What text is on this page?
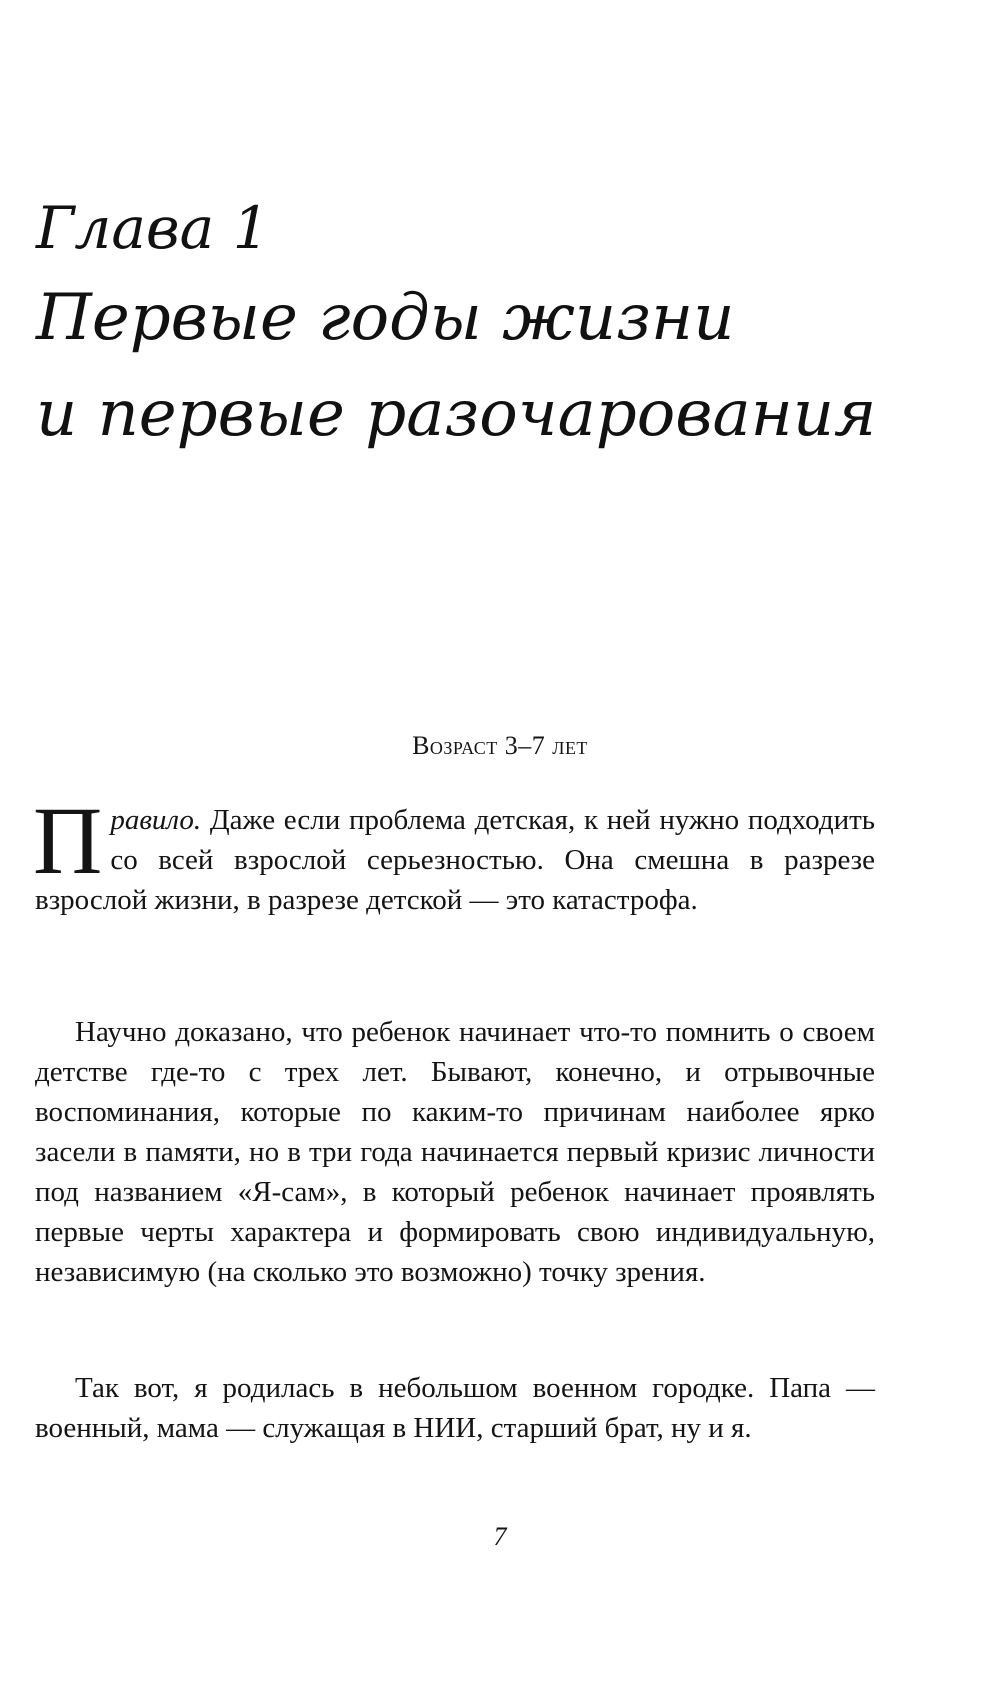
Глава 1
Первые годы жизни
и первые разочарования
Возраст 3–7 лет

Правило. Даже если проблема детская, к ней нужно подходить со всей взрослой серьезностью. Она смешна в разрезе взрослой жизни, в разрезе детской — это катастрофа.

Научно доказано, что ребенок начинает что-то помнить о своем детстве где-то с трех лет. Бывают, конечно, и отрывочные воспоминания, которые по каким-то причинам наиболее ярко засели в памяти, но в три года начинается первый кризис личности под названием «Я-сам», в который ребенок начинает проявлять первые черты характера и формировать свою индивидуальную, независимую (на сколько это возможно) точку зрения.

Так вот, я родилась в небольшом военном городке. Папа — военный, мама — служащая в НИИ, старший брат, ну и я.

7
